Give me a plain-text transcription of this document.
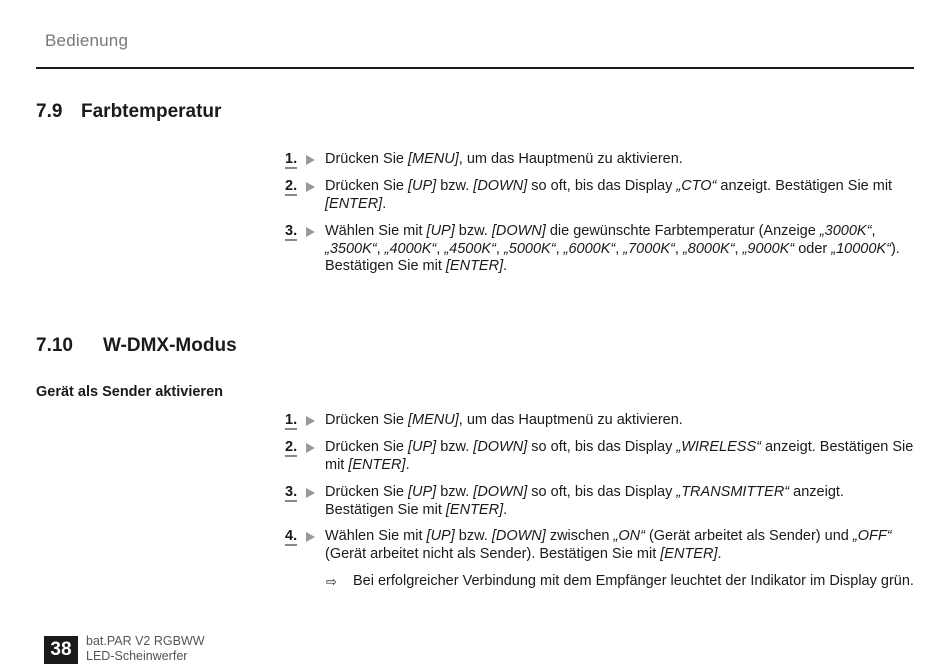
Bedienung
7.9 Farbtemperatur
1.	Drücken Sie [MENU], um das Hauptmenü zu aktivieren.
2.	Drücken Sie [UP] bzw. [DOWN] so oft, bis das Display „CTO“ anzeigt. Bestätigen Sie mit [ENTER].
3.	Wählen Sie mit [UP] bzw. [DOWN] die gewünschte Farbtemperatur (Anzeige „3000K“, „3500K“, „4000K“, „4500K“, „5000K“, „6000K“, „7000K“, „8000K“, „9000K“ oder „10000K“). Bestätigen Sie mit [ENTER].
7.10 W-DMX-Modus
Gerät als Sender aktivieren
1.	Drücken Sie [MENU], um das Hauptmenü zu aktivieren.
2.	Drücken Sie [UP] bzw. [DOWN] so oft, bis das Display „WIRELESS“ anzeigt. Bestätigen Sie mit [ENTER].
3.	Drücken Sie [UP] bzw. [DOWN] so oft, bis das Display „TRANSMITTER“ anzeigt. Bestätigen Sie mit [ENTER].
4.	Wählen Sie mit [UP] bzw. [DOWN] zwischen „ON“ (Gerät arbeitet als Sender) und „OFF“ (Gerät arbeitet nicht als Sender). Bestätigen Sie mit [ENTER].
⇨	Bei erfolgreicher Verbindung mit dem Empfänger leuchtet der Indikator im Display grün.
38	bat.PAR V2 RGBWW
LED-Scheinwerfer
